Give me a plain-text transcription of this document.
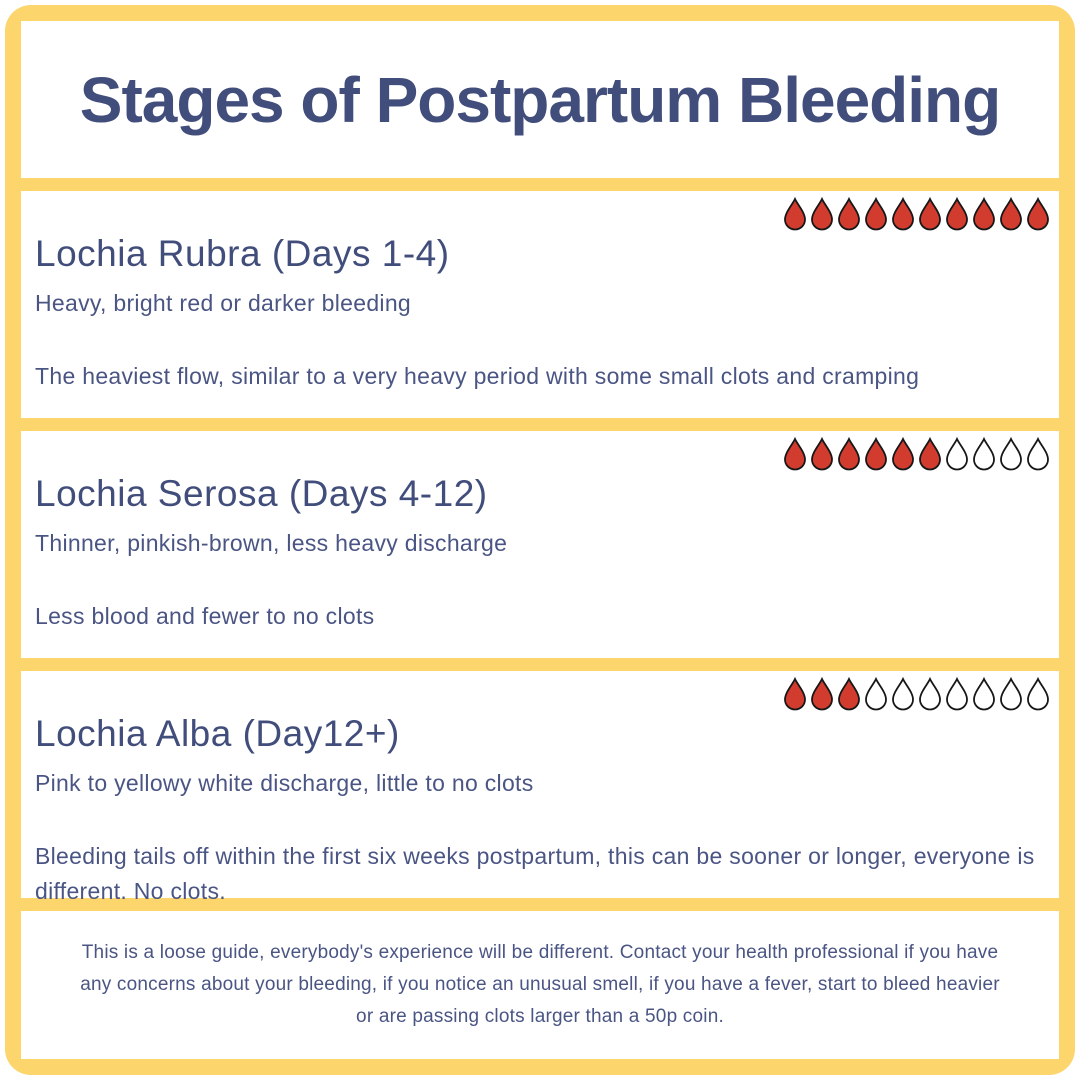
Stages of Postpartum Bleeding
Lochia Rubra (Days 1-4)

Heavy, bright red or darker bleeding

The heaviest flow, similar to a very heavy period with some small clots and cramping

Lochia Serosa (Days 4-12)

Thinner, pinkish-brown, less heavy discharge

Less blood and fewer to no clots

Lochia Alba (Day12+)

Pink to yellowy white discharge, little to no clots

Bleeding tails off within the first six weeks postpartum, this can be sooner or longer, everyone is different. No clots.

This is a loose guide, everybody's experience will be different. Contact your health professional if you have any concerns about your bleeding, if you notice an unusual smell, if you have a fever, start to bleed heavier or are passing clots larger than a 50p coin.
